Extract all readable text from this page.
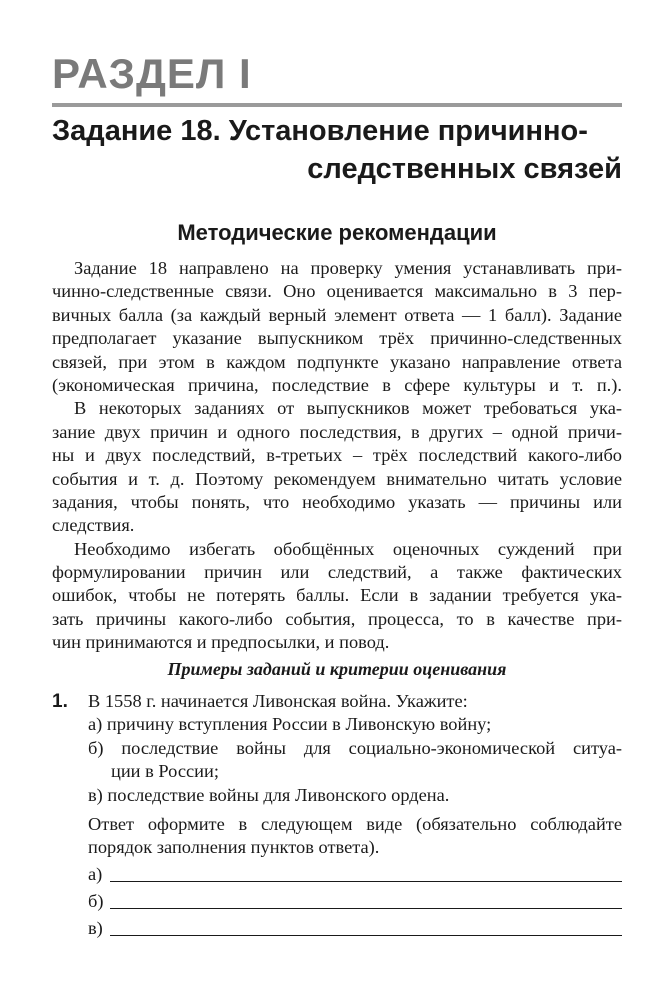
РАЗДЕЛ I
Задание 18. Установление причинно-
следственных связей
Методические рекомендации
Задание 18 направлено на проверку умения устанавливать при-
чинно-следственные связи. Оно оценивается максимально в 3 пер-
вичных балла (за каждый верный элемент ответа — 1 балл). Задание
предполагает указание выпускником трёх причинно-следственных
связей, при этом в каждом подпункте указано направление ответа
(экономическая причина, последствие в сфере культуры и т. п.).
В некоторых заданиях от выпускников может требоваться ука-
зание двух причин и одного последствия, в других – одной причи-
ны и двух последствий, в-третьих – трёх последствий какого-либо
события и т. д. Поэтому рекомендуем внимательно читать условие
задания, чтобы понять, что необходимо указать — причины или
следствия.
Необходимо избегать обобщённых оценочных суждений при
формулировании причин или следствий, а также фактических
ошибок, чтобы не потерять баллы. Если в задании требуется ука-
зать причины какого-либо события, процесса, то в качестве при-
чин принимаются и предпосылки, и повод.
Примеры заданий и критерии оценивания
1. В 1558 г. начинается Ливонская война. Укажите:
а) причину вступления России в Ливонскую войну;
б) последствие войны для социально-экономической ситуа-
ции в России;
в) последствие войны для Ливонского ордена.
Ответ оформите в следующем виде (обязательно соблюдайте
порядок заполнения пунктов ответа).
а)
б)
в)
